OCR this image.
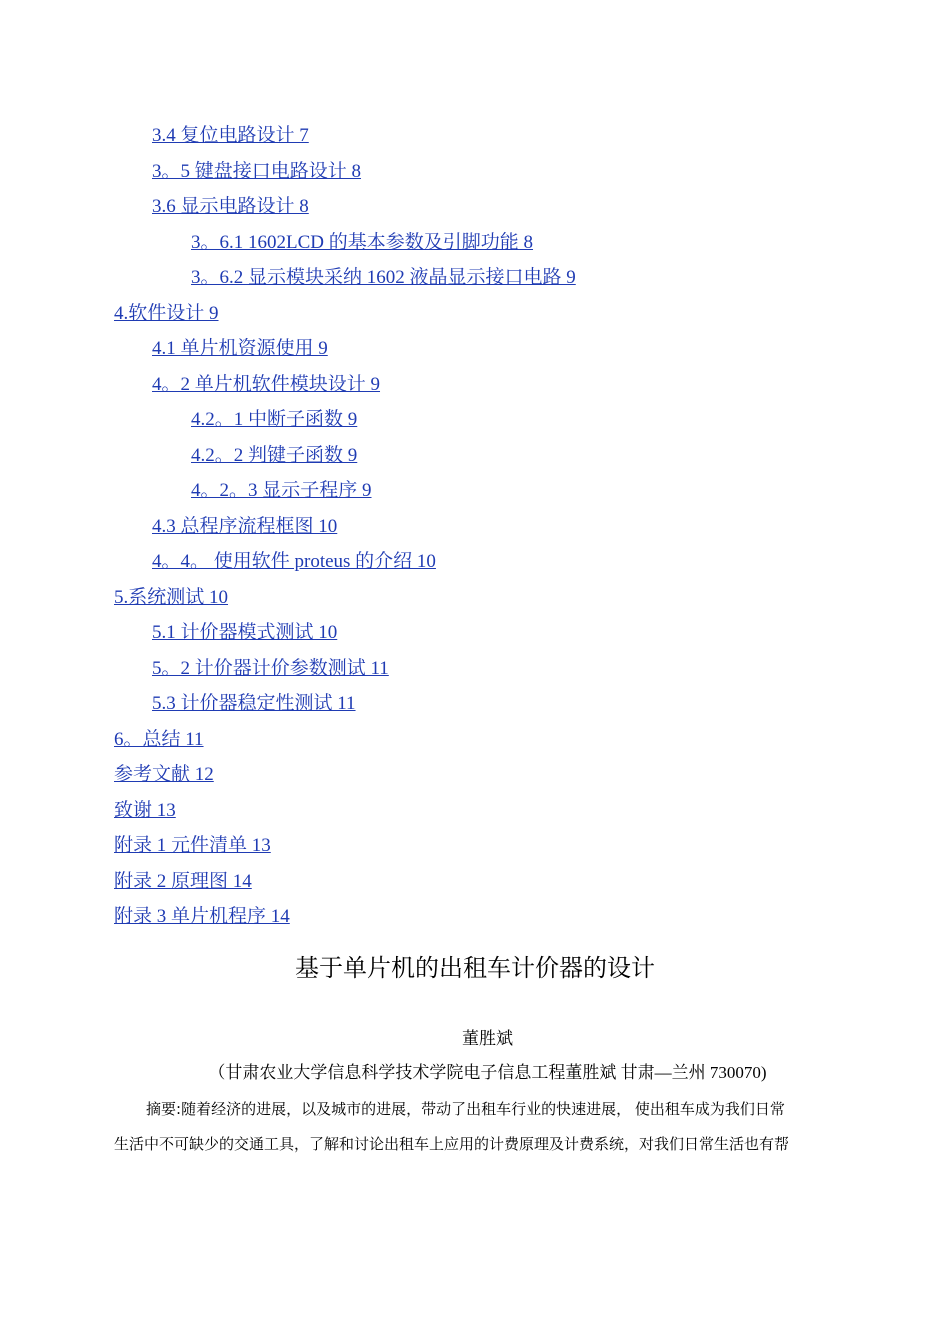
3.4 复位电路设计 7
3。5 键盘接口电路设计 8
3.6 显示电路设计 8
3。6.1 1602LCD 的基本参数及引脚功能 8
3。6.2 显示模块采纳 1602 液晶显示接口电路 9
4.软件设计 9
4.1 单片机资源使用 9
4。2 单片机软件模块设计 9
4.2。1 中断子函数 9
4.2。2 判键子函数 9
4。2。3 显示子程序 9
4.3 总程序流程框图 10
4。4。 使用软件 proteus 的介绍 10
5.系统测试 10
5.1 计价器模式测试 10
5。2 计价器计价参数测试 11
5.3 计价器稳定性测试 11
6。总结 11
参考文献 12
致谢 13
附录 1 元件清单 13
附录 2 原理图 14
附录 3 单片机程序 14
基于单片机的出租车计价器的设计
董胜斌
（甘肃农业大学信息科学技术学院电子信息工程董胜斌 甘肃—兰州 730070)
摘要:随着经济的进展，以及城市的进展，带动了出租车行业的快速进展， 使出租车成为我们日常
生活中不可缺少的交通工具，了解和讨论出租车上应用的计费原理及计费系统，对我们日常生活也有帮
